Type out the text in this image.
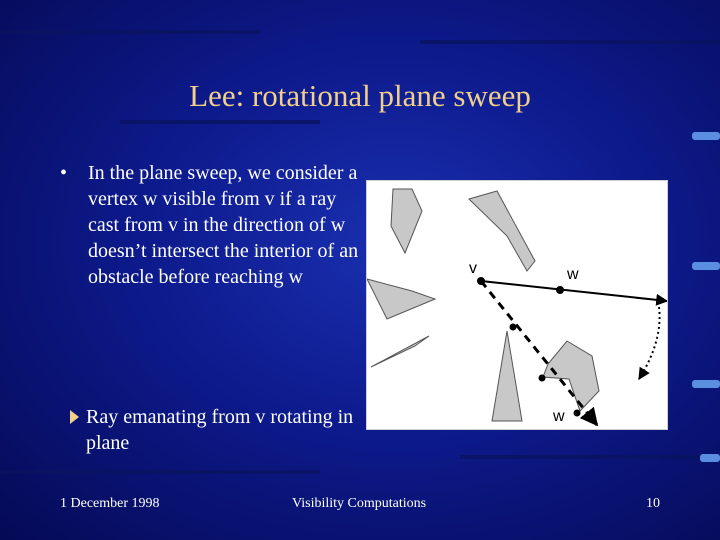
Lee: rotational plane sweep
• In the plane sweep, we consider a vertex w visible from v if a ray cast from v in the direction of w doesn’t intersect the interior of an obstacle before reaching w
Ray emanating from v rotating in plane
v	w
w
1 December 1998	Visibility Computations	10
